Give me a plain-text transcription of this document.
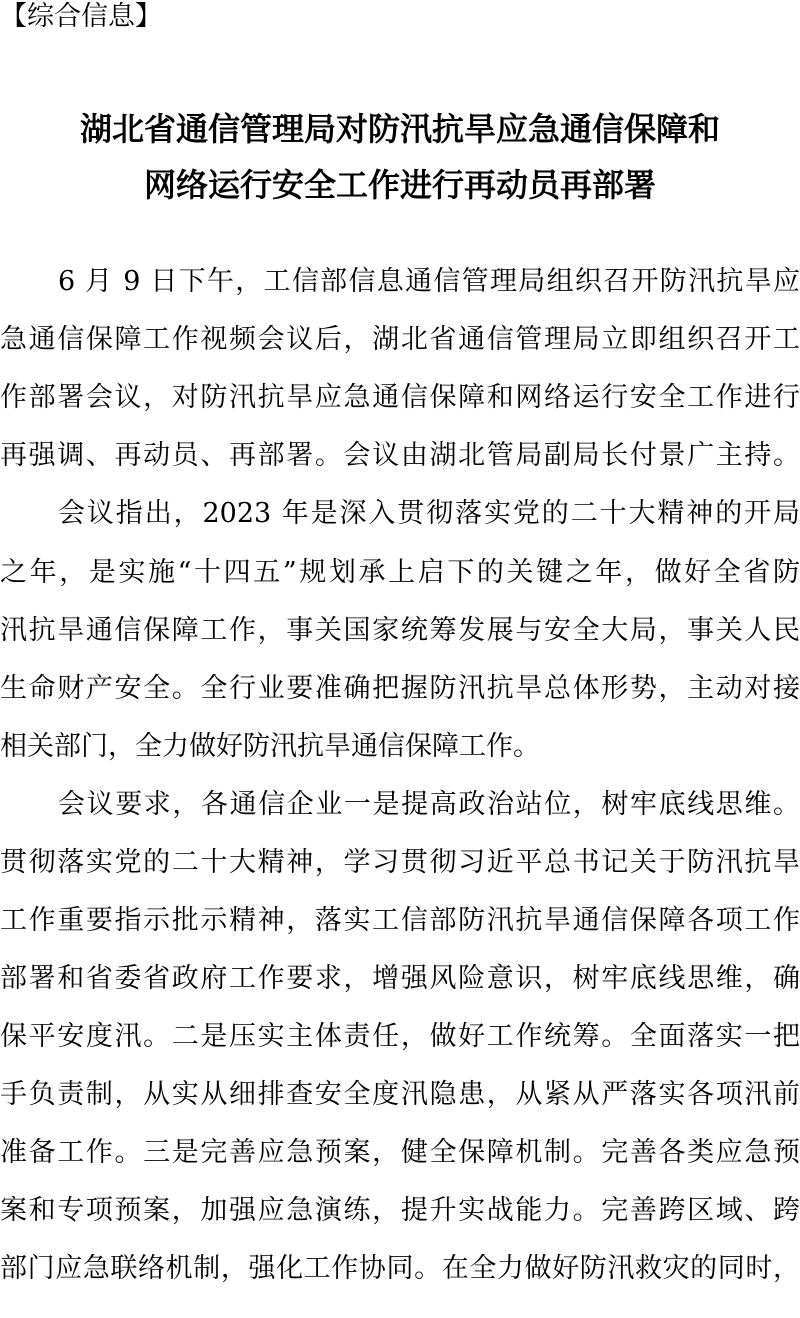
【综合信息】
湖北省通信管理局对防汛抗旱应急通信保障和
网络运行安全工作进行再动员再部署
6 月 9 日下午，工信部信息通信管理局组织召开防汛抗旱应
急通信保障工作视频会议后，湖北省通信管理局立即组织召开工
作部署会议，对防汛抗旱应急通信保障和网络运行安全工作进行
再强调、再动员、再部署。会议由湖北管局副局长付景广主持。
会议指出，2023 年是深入贯彻落实党的二十大精神的开局
之年，是实施“十四五”规划承上启下的关键之年，做好全省防
汛抗旱通信保障工作，事关国家统筹发展与安全大局，事关人民
生命财产安全。全行业要准确把握防汛抗旱总体形势，主动对接
相关部门，全力做好防汛抗旱通信保障工作。
会议要求，各通信企业一是提高政治站位，树牢底线思维。
贯彻落实党的二十大精神，学习贯彻习近平总书记关于防汛抗旱
工作重要指示批示精神，落实工信部防汛抗旱通信保障各项工作
部署和省委省政府工作要求，增强风险意识，树牢底线思维，确
保平安度汛。二是压实主体责任，做好工作统筹。全面落实一把
手负责制，从实从细排查安全度汛隐患，从紧从严落实各项汛前
准备工作。三是完善应急预案，健全保障机制。完善各类应急预
案和专项预案，加强应急演练，提升实战能力。完善跨区域、跨
部门应急联络机制，强化工作协同。在全力做好防汛救灾的同时，
